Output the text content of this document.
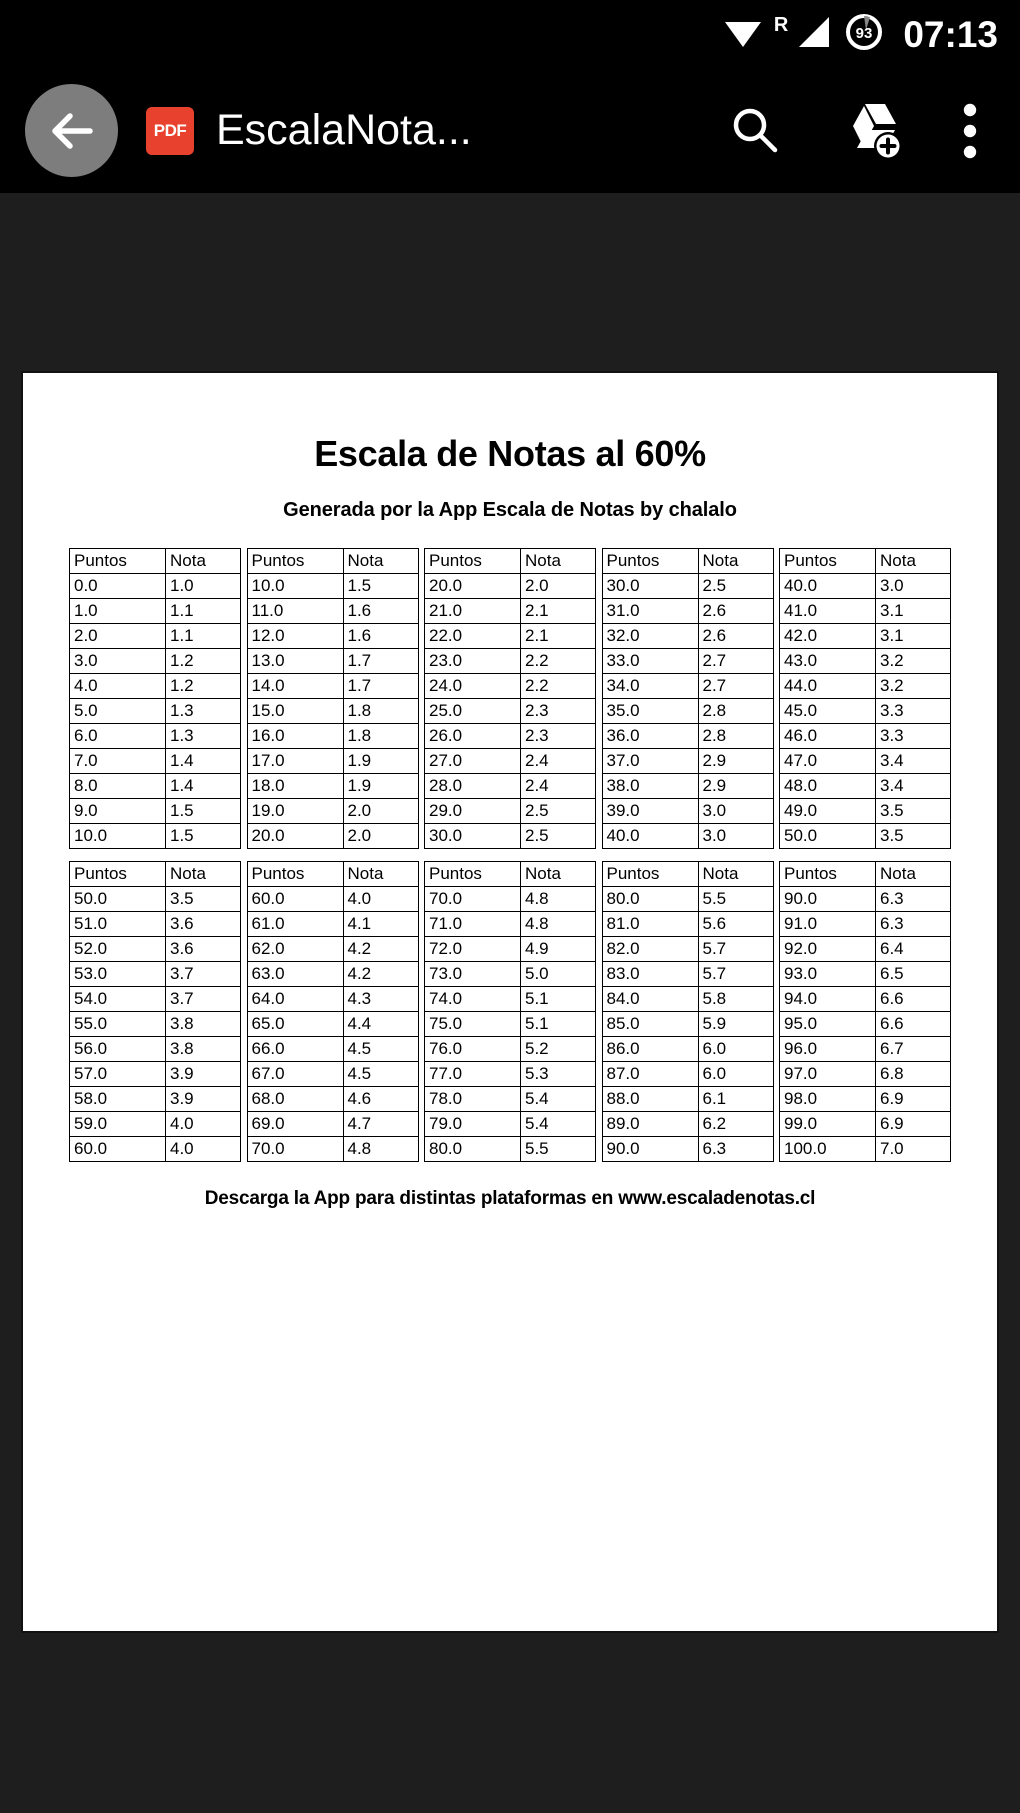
R	93 07:13
PDF EscalaNota...
Escala de Notas al 60%
Generada por la App Escala de Notas by chalalo
Puntos	Nota
0.0	1.0
1.0	1.1
2.0	1.1
3.0	1.2
4.0	1.2
5.0	1.3
6.0	1.3
7.0	1.4
8.0	1.4
9.0	1.5
10.0	1.5
Puntos	Nota
10.0	1.5
11.0	1.6
12.0	1.6
13.0	1.7
14.0	1.7
15.0	1.8
16.0	1.8
17.0	1.9
18.0	1.9
19.0	2.0
20.0	2.0
Puntos	Nota
20.0	2.0
21.0	2.1
22.0	2.1
23.0	2.2
24.0	2.2
25.0	2.3
26.0	2.3
27.0	2.4
28.0	2.4
29.0	2.5
30.0	2.5
Puntos	Nota
30.0	2.5
31.0	2.6
32.0	2.6
33.0	2.7
34.0	2.7
35.0	2.8
36.0	2.8
37.0	2.9
38.0	2.9
39.0	3.0
40.0	3.0
Puntos	Nota
40.0	3.0
41.0	3.1
42.0	3.1
43.0	3.2
44.0	3.2
45.0	3.3
46.0	3.3
47.0	3.4
48.0	3.4
49.0	3.5
50.0	3.5
Puntos	Nota
50.0	3.5
51.0	3.6
52.0	3.6
53.0	3.7
54.0	3.7
55.0	3.8
56.0	3.8
57.0	3.9
58.0	3.9
59.0	4.0
60.0	4.0
Puntos	Nota
60.0	4.0
61.0	4.1
62.0	4.2
63.0	4.2
64.0	4.3
65.0	4.4
66.0	4.5
67.0	4.5
68.0	4.6
69.0	4.7
70.0	4.8
Puntos	Nota
70.0	4.8
71.0	4.8
72.0	4.9
73.0	5.0
74.0	5.1
75.0	5.1
76.0	5.2
77.0	5.3
78.0	5.4
79.0	5.4
80.0	5.5
Puntos	Nota
80.0	5.5
81.0	5.6
82.0	5.7
83.0	5.7
84.0	5.8
85.0	5.9
86.0	6.0
87.0	6.0
88.0	6.1
89.0	6.2
90.0	6.3
Puntos	Nota
90.0	6.3
91.0	6.3
92.0	6.4
93.0	6.5
94.0	6.6
95.0	6.6
96.0	6.7
97.0	6.8
98.0	6.9
99.0	6.9
100.0	7.0
Descarga la App para distintas plataformas en www.escaladenotas.cl
